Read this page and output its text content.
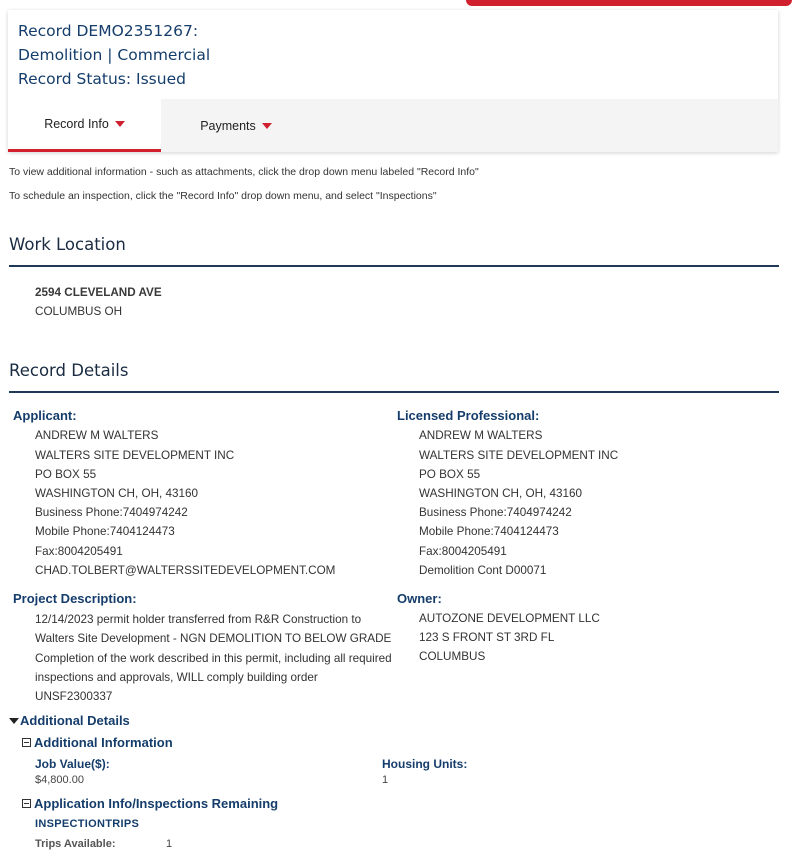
Record DEMO2351267:
Demolition | Commercial
Record Status: Issued
Record Info	Payments
To view additional information - such as attachments, click the drop down menu labeled "Record Info"
To schedule an inspection, click the "Record Info" drop down menu, and select "Inspections"
Work Location
2594 CLEVELAND AVE
COLUMBUS OH
Record Details
Applicant:
ANDREW M WALTERS
WALTERS SITE DEVELOPMENT INC
PO BOX 55
WASHINGTON CH, OH, 43160
Business Phone:7404974242
Mobile Phone:7404124473
Fax:8004205491
CHAD.TOLBERT@WALTERSSITEDEVELOPMENT.COM
Licensed Professional:
ANDREW M WALTERS
WALTERS SITE DEVELOPMENT INC
PO BOX 55
WASHINGTON CH, OH, 43160
Business Phone:7404974242
Mobile Phone:7404124473
Fax:8004205491
Demolition Cont D00071
Project Description:
12/14/2023 permit holder transferred from R&R Construction to Walters Site Development - NGN DEMOLITION TO BELOW GRADE Completion of the work described in this permit, including all required inspections and approvals, WILL comply building order UNSF2300337
Owner:
AUTOZONE DEVELOPMENT LLC
123 S FRONT ST 3RD FL
COLUMBUS
Additional Details
Additional Information
Job Value($):
$4,800.00
Housing Units:
1
Application Info/Inspections Remaining
INSPECTIONTRIPS
Trips Available:	1
